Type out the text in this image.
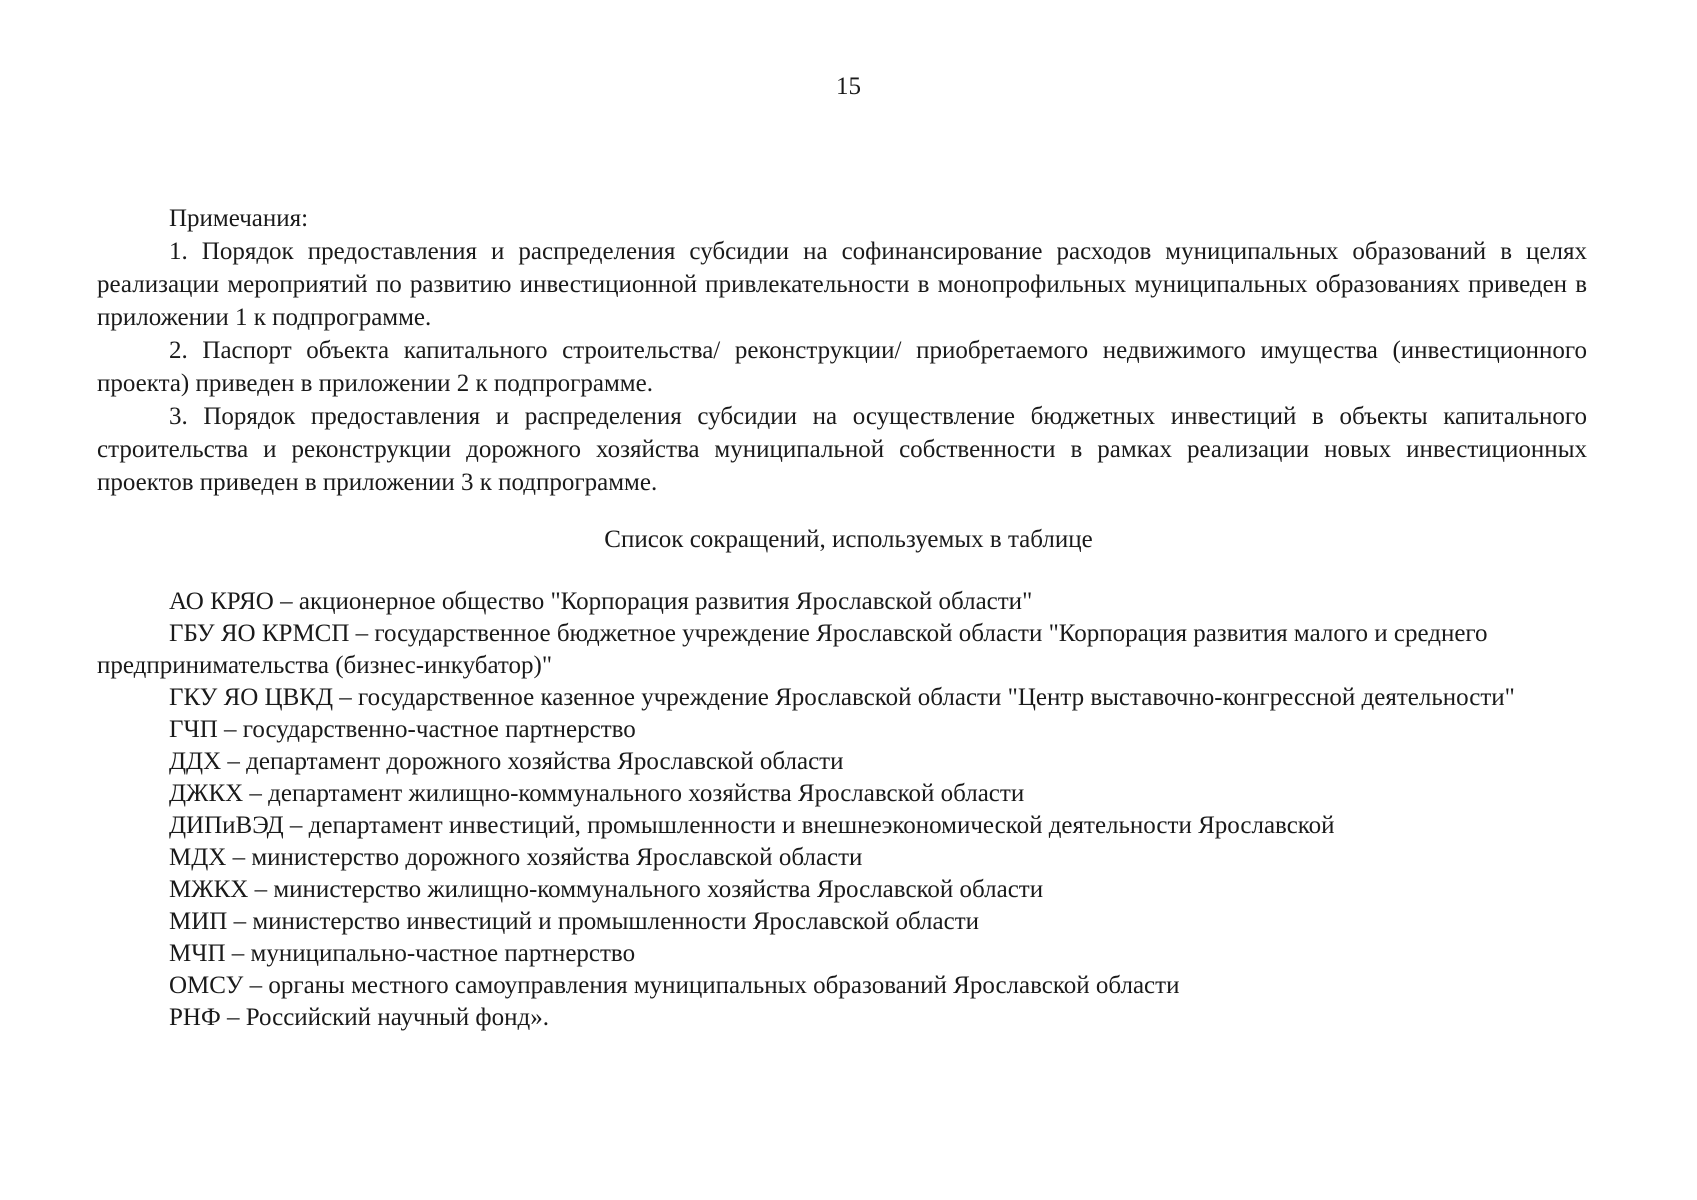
15
Примечания:
1. Порядок предоставления и распределения субсидии на софинансирование расходов муниципальных образований в целях реализации мероприятий по развитию инвестиционной привлекательности в монопрофильных муниципальных образованиях приведен в приложении 1 к подпрограмме.
2. Паспорт объекта капитального строительства/ реконструкции/ приобретаемого недвижимого имущества (инвестиционного проекта) приведен в приложении 2 к подпрограмме.
3. Порядок предоставления и распределения субсидии на осуществление бюджетных инвестиций в объекты капитального строительства и реконструкции дорожного хозяйства муниципальной собственности в рамках реализации новых инвестиционных проектов приведен в приложении 3 к подпрограмме.
Список сокращений, используемых в таблице
АО КРЯО – акционерное общество "Корпорация развития Ярославской области"
ГБУ ЯО КРМСП – государственное бюджетное учреждение Ярославской области "Корпорация развития малого и среднего предпринимательства (бизнес-инкубатор)"
ГКУ ЯО ЦВКД – государственное казенное учреждение Ярославской области "Центр выставочно-конгрессной деятельности"
ГЧП – государственно-частное партнерство
ДДХ – департамент дорожного хозяйства Ярославской области
ДЖКХ – департамент жилищно-коммунального хозяйства Ярославской области
ДИПиВЭД – департамент инвестиций, промышленности и внешнеэкономической деятельности Ярославской
МДХ – министерство дорожного хозяйства Ярославской области
МЖКХ – министерство жилищно-коммунального хозяйства Ярославской области
МИП – министерство инвестиций и промышленности Ярославской области
МЧП – муниципально-частное партнерство
ОМСУ – органы местного самоуправления муниципальных образований Ярославской области
РНФ – Российский научный фонд».
